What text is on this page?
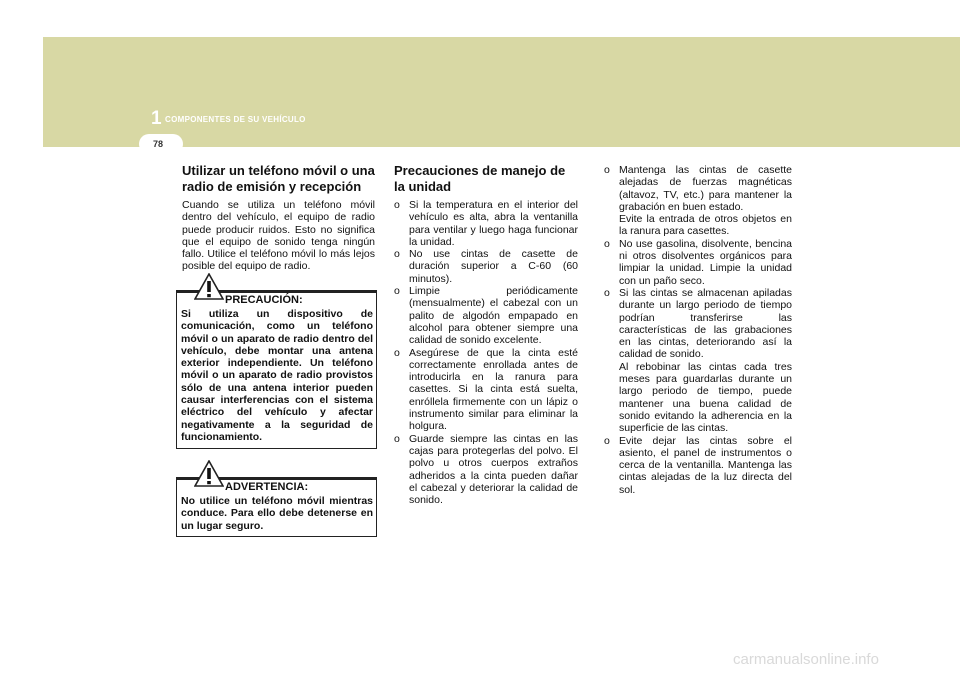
1 COMPONENTES DE SU VEHÍCULO
78
Utilizar un teléfono móvil o una radio de emisión y recepción

Cuando se utiliza un teléfono móvil dentro del vehículo, el equipo de radio puede producir ruidos. Esto no significa que el equipo de sonido tenga ningún fallo. Utilice el teléfono móvil lo más lejos posible del equipo de radio.

PRECAUCIÓN:
Si utiliza un dispositivo de comunicación, como un teléfono móvil o un aparato de radio dentro del vehículo, debe montar una antena exterior independiente. Un teléfono móvil o un aparato de radio provistos sólo de una antena interior pueden causar interferencias con el sistema eléctrico del vehículo y afectar negativamente a la seguridad de funcionamiento.
ADVERTENCIA:
No utilice un teléfono móvil mientras conduce. Para ello debe detenerse en un lugar seguro.
Precauciones de manejo de la unidad
o Si la temperatura en el interior del vehículo es alta, abra la ventanilla para ventilar y luego haga funcionar la unidad.
o No use cintas de casette de duración superior a C-60 (60 minutos).
o Limpie periódicamente (mensualmente) el cabezal con un palito de algodón empapado en alcohol para obtener siempre una calidad de sonido excelente.
o Asegúrese de que la cinta esté correctamente enrollada antes de introducirla en la ranura para casettes. Si la cinta está suelta, enróllela firmemente con un lápiz o instrumento similar para eliminar la holgura.
o Guarde siempre las cintas en las cajas para protegerlas del polvo. El polvo u otros cuerpos extraños adheridos a la cinta pueden dañar el cabezal y deteriorar la calidad de sonido.
o Mantenga las cintas de casette alejadas de fuerzas magnéticas (altavoz, TV, etc.) para mantener la grabación en buen estado.
Evite la entrada de otros objetos en la ranura para casettes.
o No use gasolina, disolvente, bencina ni otros disolventes orgánicos para limpiar la unidad. Limpie la unidad con un paño seco.
o Si las cintas se almacenan apiladas durante un largo periodo de tiempo podrían transferirse las características de las grabaciones en las cintas, deteriorando así la calidad de sonido.
Al rebobinar las cintas cada tres meses para guardarlas durante un largo periodo de tiempo, puede mantener una buena calidad de sonido evitando la adherencia en la superficie de las cintas.
o Evite dejar las cintas sobre el asiento, el panel de instrumentos o cerca de la ventanilla. Mantenga las cintas alejadas de la luz directa del sol.
carmanualsonline.info
